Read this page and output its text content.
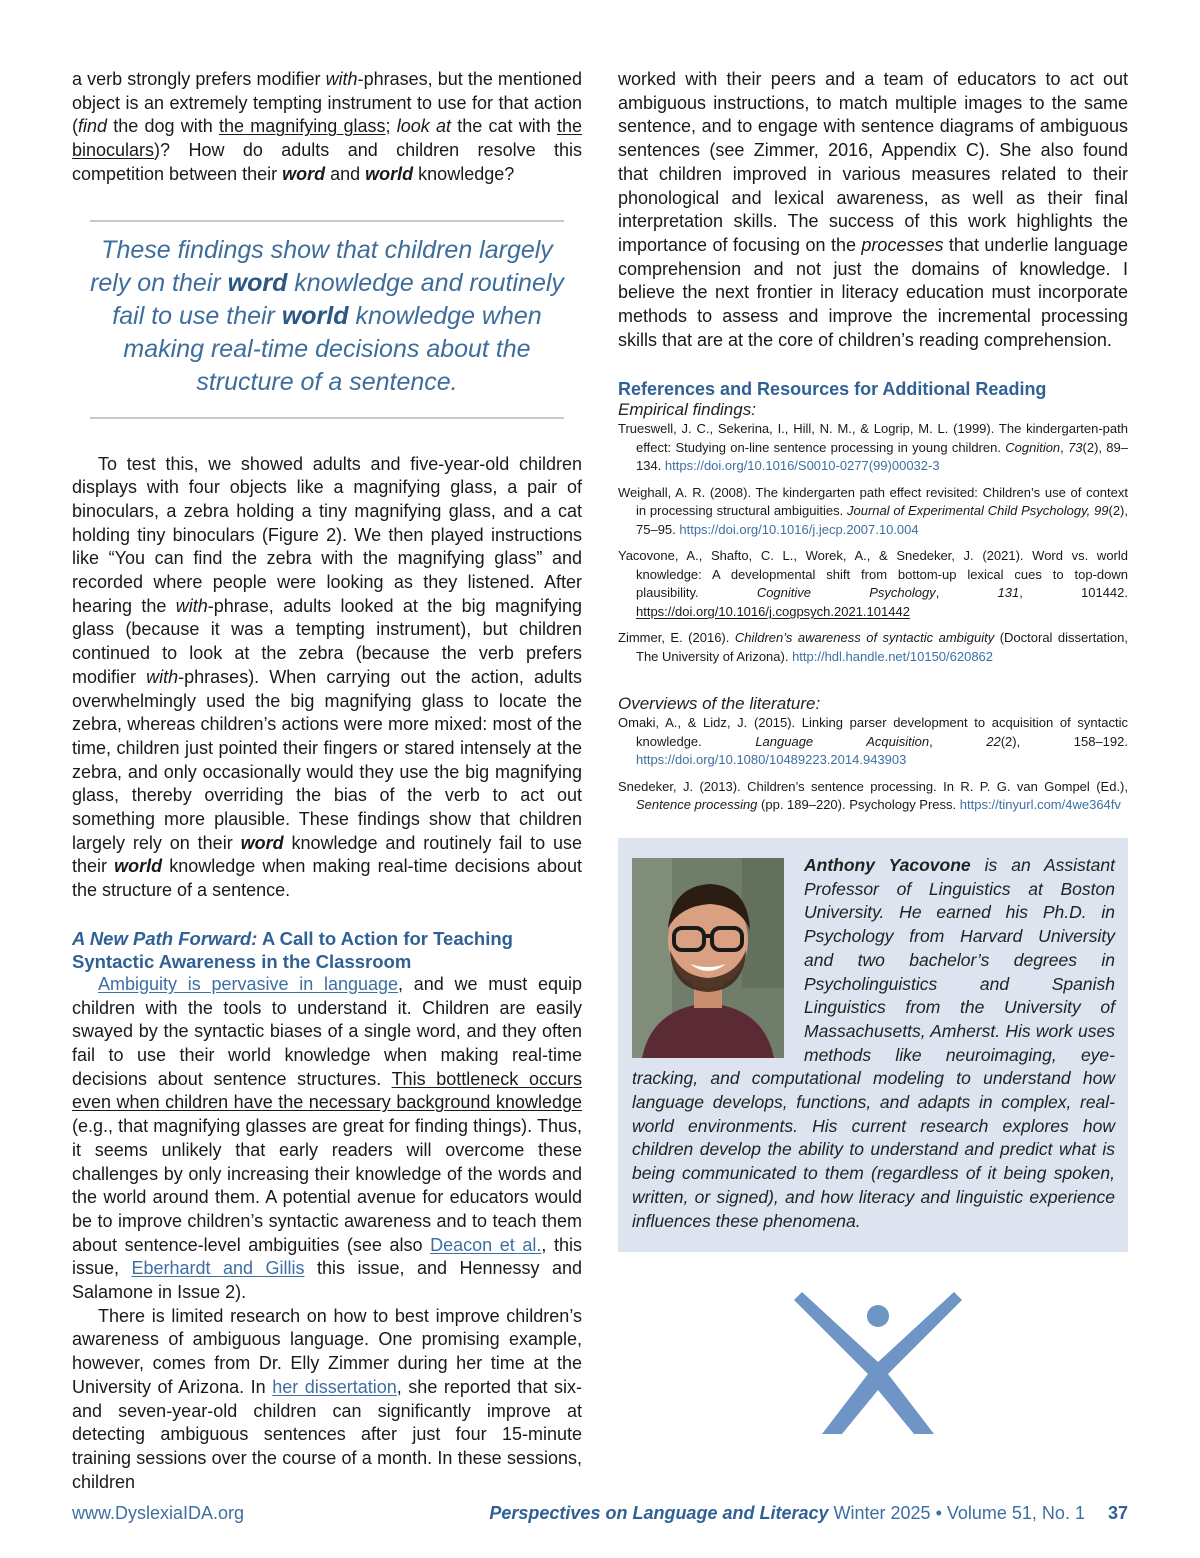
a verb strongly prefers modifier with-phrases, but the mentioned object is an extremely tempting instrument to use for that action (find the dog with the magnifying glass; look at the cat with the binoculars)? How do adults and children resolve this competition between their word and world knowledge?

These findings show that children largely rely on their word knowledge and routinely fail to use their world knowledge when making real-time decisions about the structure of a sentence.

To test this, we showed adults and five-year-old children displays with four objects like a magnifying glass, a pair of binoculars, a zebra holding a tiny magnifying glass, and a cat holding tiny binoculars (Figure 2). We then played instructions like “You can find the zebra with the magnifying glass” and recorded where people were looking as they listened. After hearing the with-phrase, adults looked at the big magnifying glass (because it was a tempting instrument), but children continued to look at the zebra (because the verb prefers modifier with-phrases). When carrying out the action, adults overwhelmingly used the big magnifying glass to locate the zebra, whereas children’s actions were more mixed: most of the time, children just pointed their fingers or stared intensely at the zebra, and only occasionally would they use the big magnifying glass, thereby overriding the bias of the verb to act out something more plausible. These findings show that children largely rely on their word knowledge and routinely fail to use their world knowledge when making real-time decisions about the structure of a sentence.

A New Path Forward: A Call to Action for Teaching Syntactic Awareness in the Classroom

Ambiguity is pervasive in language, and we must equip children with the tools to understand it. Children are easily swayed by the syntactic biases of a single word, and they often fail to use their world knowledge when making real-time decisions about sentence structures. This bottleneck occurs even when children have the necessary background knowledge (e.g., that magnifying glasses are great for finding things). Thus, it seems unlikely that early readers will overcome these challenges by only increasing their knowledge of the words and the world around them. A potential avenue for educators would be to improve children’s syntactic awareness and to teach them about sentence-level ambiguities (see also Deacon et al., this issue, Eberhardt and Gillis this issue, and Hennessy and Salamone in Issue 2).

There is limited research on how to best improve children’s awareness of ambiguous language. One promising example, however, comes from Dr. Elly Zimmer during her time at the University of Arizona. In her dissertation, she reported that six- and seven-year-old children can significantly improve at detecting ambiguous sentences after just four 15-minute training sessions over the course of a month. In these sessions, children

worked with their peers and a team of educators to act out ambiguous instructions, to match multiple images to the same sentence, and to engage with sentence diagrams of ambiguous sentences (see Zimmer, 2016, Appendix C). She also found that children improved in various measures related to their phonological and lexical awareness, as well as their final interpretation skills. The success of this work highlights the importance of focusing on the processes that underlie language comprehension and not just the domains of knowledge. I believe the next frontier in literacy education must incorporate methods to assess and improve the incremental processing skills that are at the core of children’s reading comprehension.

References and Resources for Additional Reading

Empirical findings:

Trueswell, J. C., Sekerina, I., Hill, N. M., & Logrip, M. L. (1999). The kindergarten-path effect: Studying on-line sentence processing in young children. Cognition, 73(2), 89–134. https://doi.org/10.1016/S0010-0277(99)00032-3

Weighall, A. R. (2008). The kindergarten path effect revisited: Children’s use of context in processing structural ambiguities. Journal of Experimental Child Psychology, 99(2), 75–95. https://doi.org/10.1016/j.jecp.2007.10.004

Yacovone, A., Shafto, C. L., Worek, A., & Snedeker, J. (2021). Word vs. world knowledge: A developmental shift from bottom-up lexical cues to top-down plausibility. Cognitive Psychology, 131, 101442. https://doi.org/10.1016/j.cogpsych.2021.101442

Zimmer, E. (2016). Children’s awareness of syntactic ambiguity (Doctoral dissertation, The University of Arizona). http://hdl.handle.net/10150/620862

Overviews of the literature:

Omaki, A., & Lidz, J. (2015). Linking parser development to acquisition of syntactic knowledge. Language Acquisition, 22(2), 158–192. https://doi.org/10.1080/10489223.2014.943903

Snedeker, J. (2013). Children’s sentence processing. In R. P. G. van Gompel (Ed.), Sentence processing (pp. 189–220). Psychology Press. https://tinyurl.com/4we364fv

Anthony Yacovone is an Assistant Professor of Linguistics at Boston University. He earned his Ph.D. in Psychology from Harvard University and two bachelor’s degrees in Psycholinguistics and Spanish Linguistics from the University of Massachusetts, Amherst. His work uses methods like neuroimaging, eye-tracking, and computational modeling to understand how language develops, functions, and adapts in complex, real-world environments. His current research explores how children develop the ability to understand and predict what is being communicated to them (regardless of it being spoken, written, or signed), and how literacy and linguistic experience influences these phenomena.

www.DyslexiaIDA.org	Perspectives on Language and Literacy Winter 2025 • Volume 51, No. 1 37
